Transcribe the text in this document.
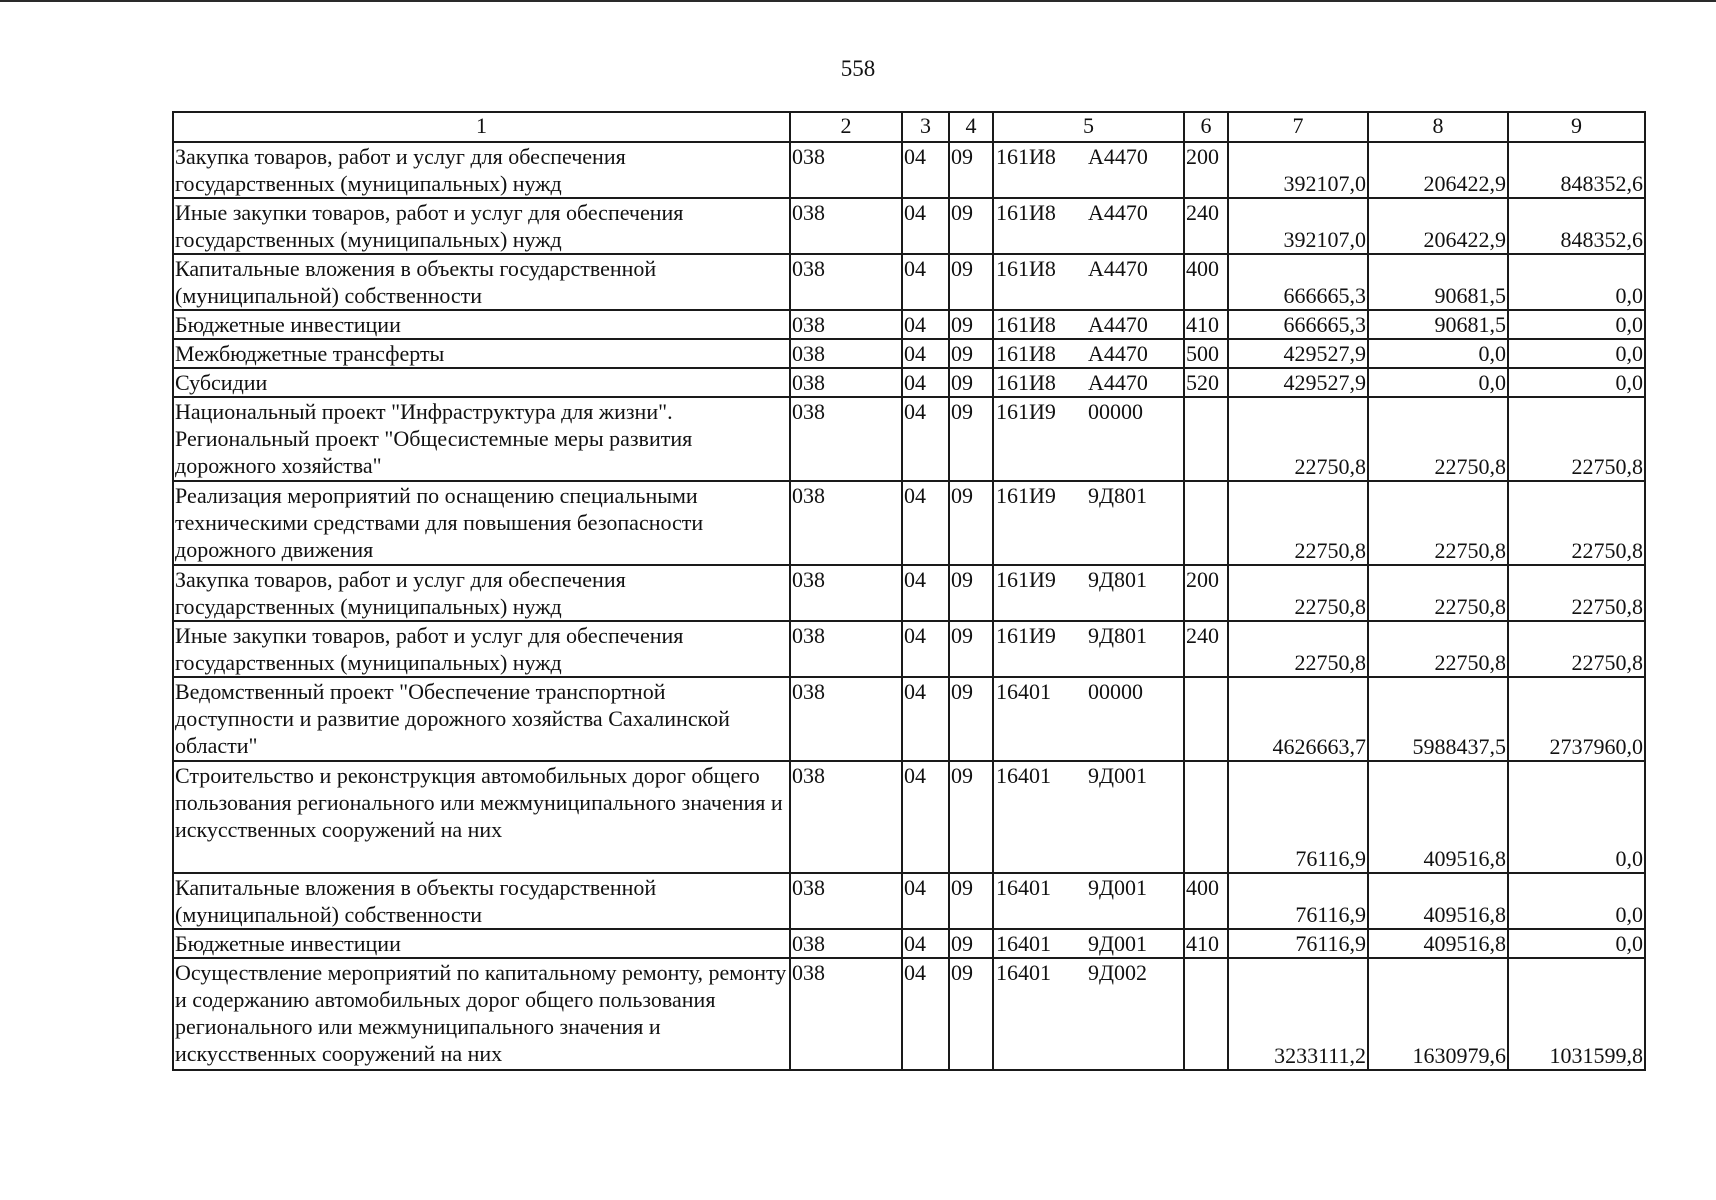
558
1	2	3	4	5	6	7	8	9
Закупка товаров, работ и услуг для обеспечения государственных (муниципальных) нужд	038	04	09	161И8 А4470	200	392107,0	206422,9	848352,6
Иные закупки товаров, работ и услуг для обеспечения государственных (муниципальных) нужд	038	04	09	161И8 А4470	240	392107,0	206422,9	848352,6
Капитальные вложения в объекты государственной (муниципальной) собственности	038	04	09	161И8 А4470	400	666665,3	90681,5	0,0
Бюджетные инвестиции	038	04	09	161И8 А4470	410	666665,3	90681,5	0,0
Межбюджетные трансферты	038	04	09	161И8 А4470	500	429527,9	0,0	0,0
Субсидии	038	04	09	161И8 А4470	520	429527,9	0,0	0,0
Национальный проект "Инфраструктура для жизни". Региональный проект "Общесистемные меры развития дорожного хозяйства"	038	04	09	161И9 00000		22750,8	22750,8	22750,8
Реализация мероприятий по оснащению специальными техническими средствами для повышения безопасности дорожного движения	038	04	09	161И9 9Д801		22750,8	22750,8	22750,8
Закупка товаров, работ и услуг для обеспечения государственных (муниципальных) нужд	038	04	09	161И9 9Д801	200	22750,8	22750,8	22750,8
Иные закупки товаров, работ и услуг для обеспечения государственных (муниципальных) нужд	038	04	09	161И9 9Д801	240	22750,8	22750,8	22750,8
Ведомственный проект "Обеспечение транспортной доступности и развитие дорожного хозяйства Сахалинской области"	038	04	09	16401 00000		4626663,7	5988437,5	2737960,0
Строительство и реконструкция автомобильных дорог общего пользования регионального или межмуниципального значения и искусственных сооружений на них	038	04	09	16401 9Д001		76116,9	409516,8	0,0
Капитальные вложения в объекты государственной (муниципальной) собственности	038	04	09	16401 9Д001	400	76116,9	409516,8	0,0
Бюджетные инвестиции	038	04	09	16401 9Д001	410	76116,9	409516,8	0,0
Осуществление мероприятий по капитальному ремонту, ремонту и содержанию автомобильных дорог общего пользования регионального или межмуниципального значения и искусственных сооружений на них	038	04	09	16401 9Д002		3233111,2	1630979,6	1031599,8
